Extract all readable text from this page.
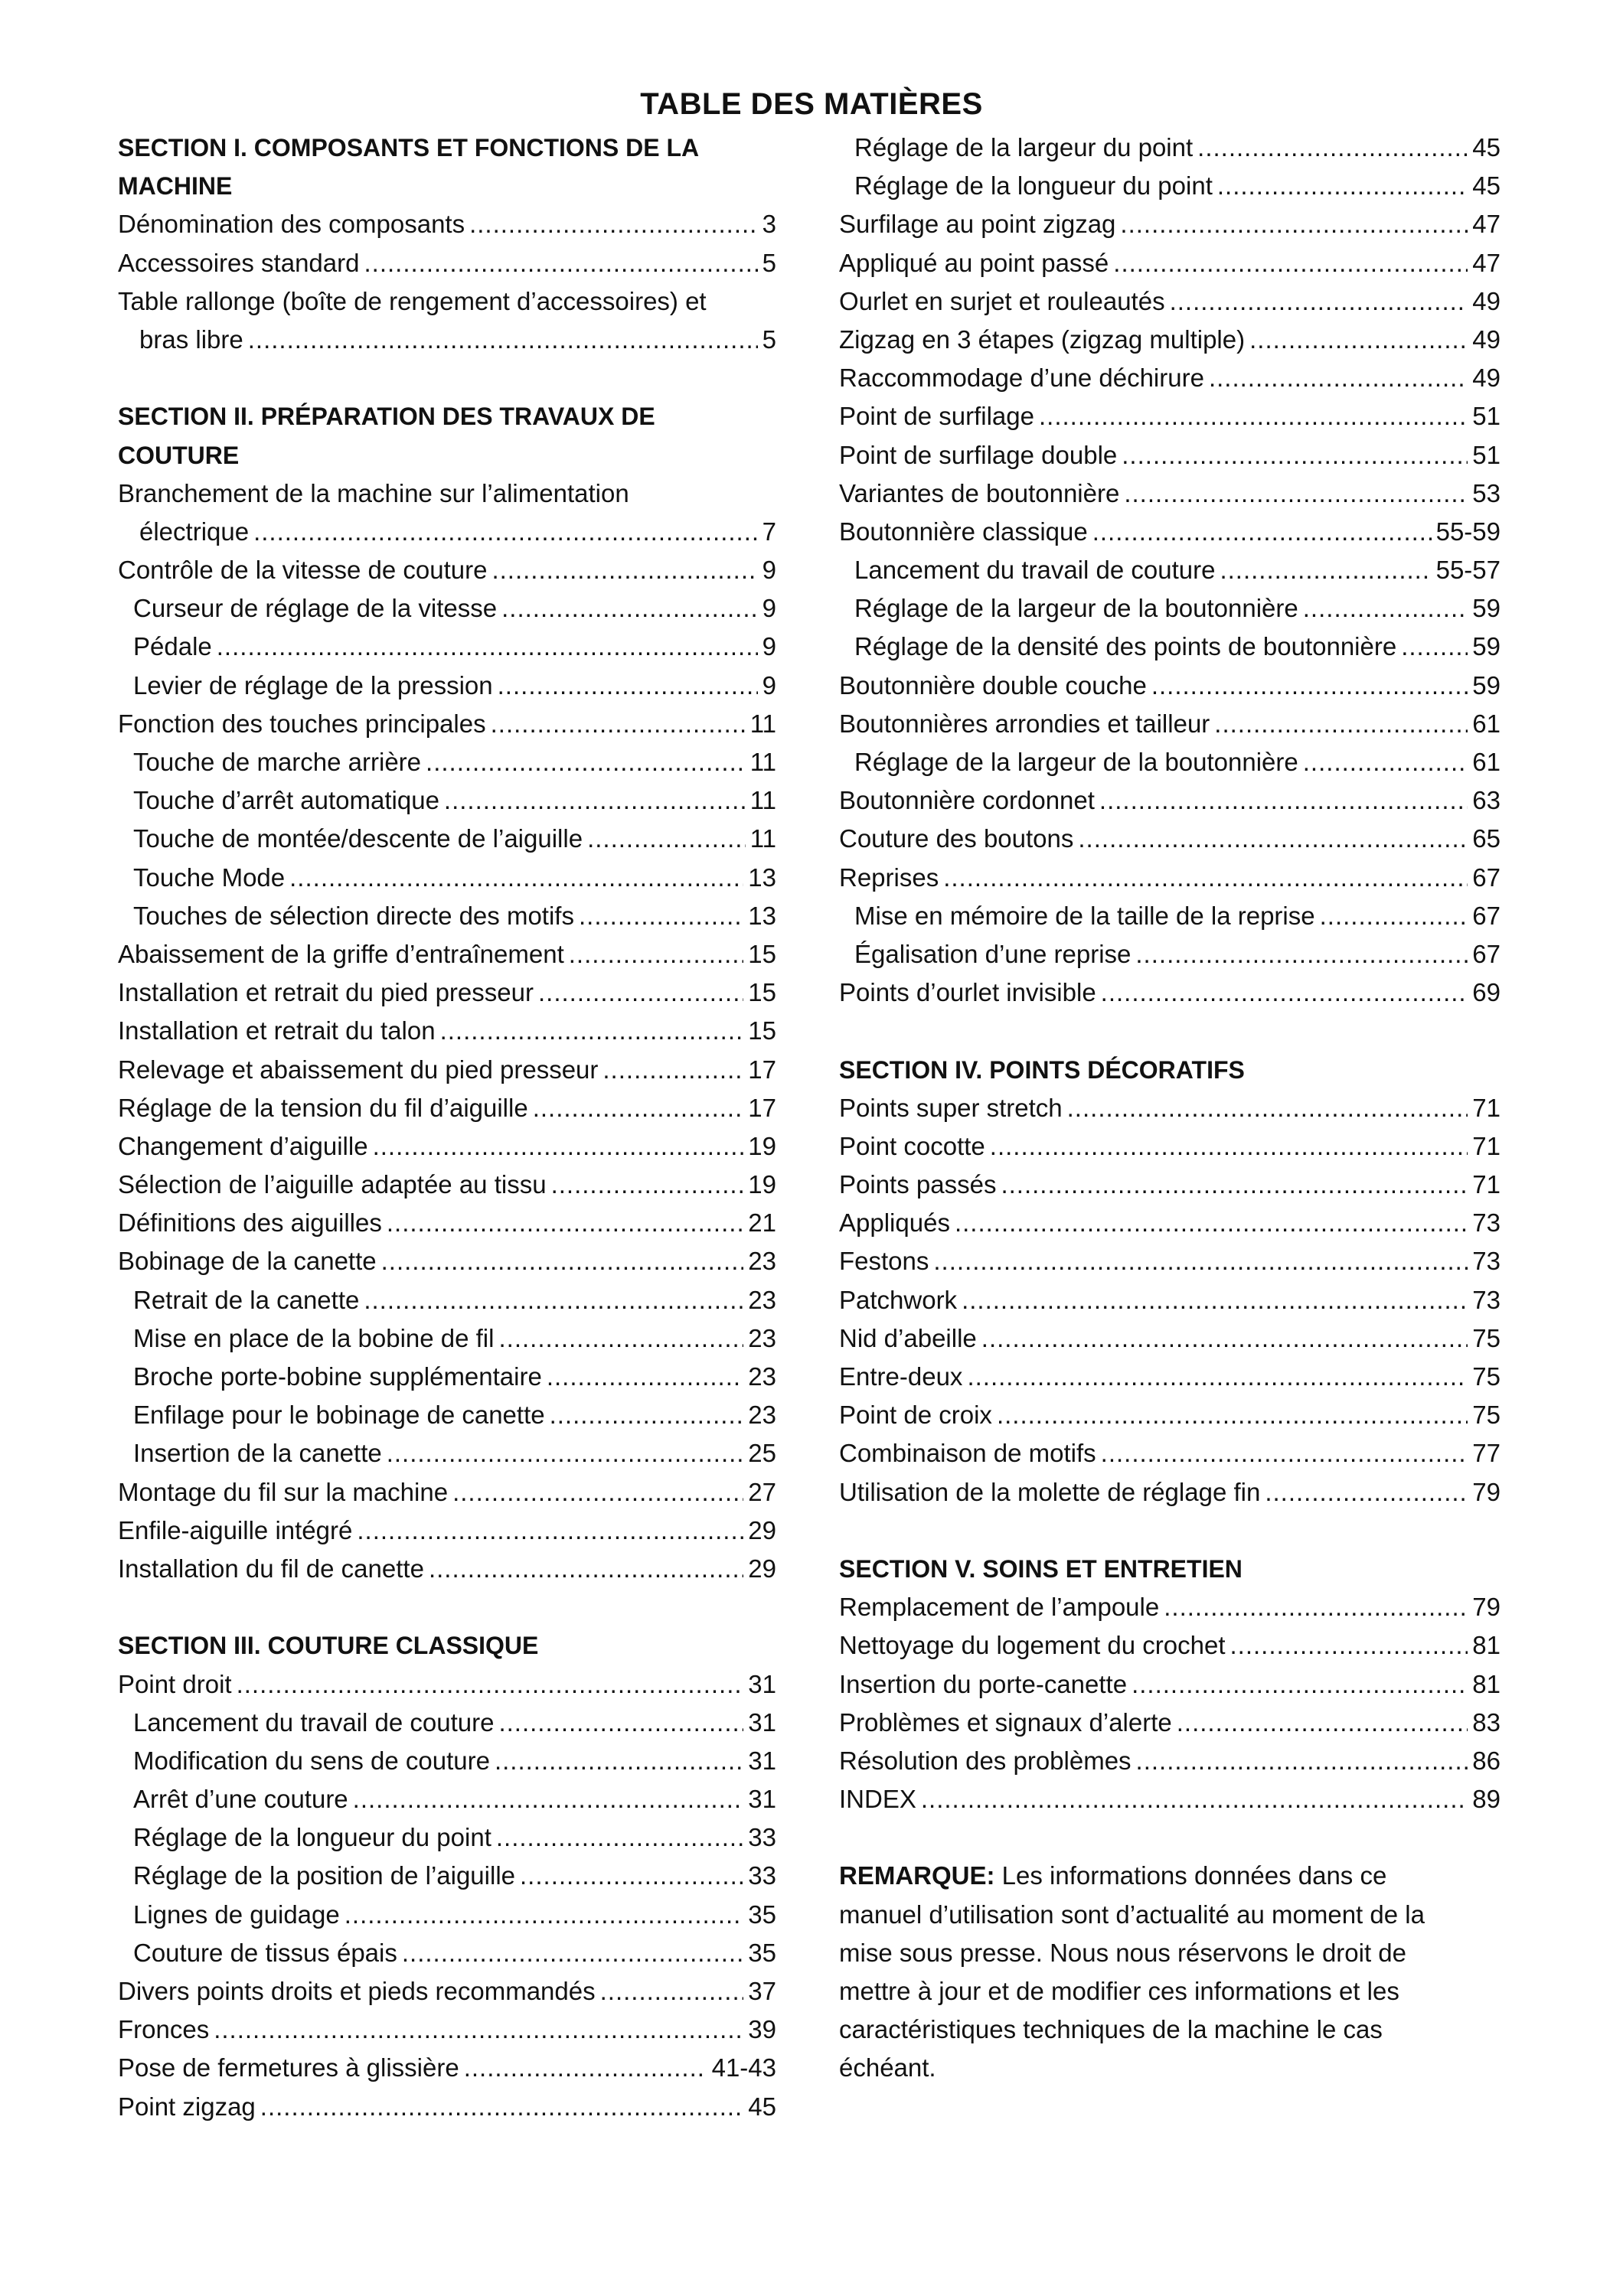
TABLE DES MATIÈRES
SECTION I. COMPOSANTS ET FONCTIONS DE LA
MACHINE
Dénomination des composants .....	3
Accessoires standard .....	5
Table rallonge (boîte de rengement d’accessoires) et
bras libre .....	5
SECTION II. PRÉPARATION DES TRAVAUX DE
COUTURE
Branchement de la machine sur l’alimentation
électrique .....	7
Contrôle de la vitesse de couture .....	9
Curseur de réglage de la vitesse .....	9
Pédale .....	9
Levier de réglage de la pression .....	9
Fonction des touches principales .....	11
Touche de marche arrière .....	11
Touche d’arrêt automatique .....	11
Touche de montée/descente de l’aiguille .....	11
Touche Mode .....	13
Touches de sélection directe des motifs .....	13
Abaissement de la griffe d’entraînement .....	15
Installation et retrait du pied presseur .....	15
Installation et retrait du talon .....	15
Relevage et abaissement du pied presseur .....	17
Réglage de la tension du fil d’aiguille .....	17
Changement d’aiguille .....	19
Sélection de l’aiguille adaptée au tissu .....	19
Définitions des aiguilles .....	21
Bobinage de la canette .....	23
Retrait de la canette .....	23
Mise en place de la bobine de fil .....	23
Broche porte-bobine supplémentaire .....	23
Enfilage pour le bobinage de canette .....	23
Insertion de la canette .....	25
Montage du fil sur la machine .....	27
Enfile-aiguille intégré .....	29
Installation du fil de canette .....	29
SECTION III. COUTURE CLASSIQUE
Point droit .....	31
Lancement du travail de couture .....	31
Modification du sens de couture .....	31
Arrêt d’une couture .....	31
Réglage de la longueur du point .....	33
Réglage de la position de l’aiguille .....	33
Lignes de guidage .....	35
Couture de tissus épais .....	35
Divers points droits et pieds recommandés .....	37
Fronces .....	39
Pose de fermetures à glissière .....	41-43
Point zigzag .....	45
Réglage de la largeur du point .....	45
Réglage de la longueur du point .....	45
Surfilage au point zigzag .....	47
Appliqué au point passé .....	47
Ourlet en surjet et rouleautés .....	49
Zigzag en 3 étapes (zigzag multiple) .....	49
Raccommodage d’une déchirure .....	49
Point de surfilage .....	51
Point de surfilage double .....	51
Variantes de boutonnière .....	53
Boutonnière classique .....	55-59
Lancement du travail de couture .....	55-57
Réglage de la largeur de la boutonnière .....	59
Réglage de la densité des points de boutonnière .....	59
Boutonnière double couche .....	59
Boutonnières arrondies et tailleur .....	61
Réglage de la largeur de la boutonnière .....	61
Boutonnière cordonnet .....	63
Couture des boutons .....	65
Reprises .....	67
Mise en mémoire de la taille de la reprise .....	67
Égalisation d’une reprise .....	67
Points d’ourlet invisible .....	69
SECTION IV. POINTS DÉCORATIFS
Points super stretch .....	71
Point cocotte .....	71
Points passés .....	71
Appliqués .....	73
Festons .....	73
Patchwork .....	73
Nid d’abeille .....	75
Entre-deux .....	75
Point de croix .....	75
Combinaison de motifs .....	77
Utilisation de la molette de réglage fin .....	79
SECTION V. SOINS ET ENTRETIEN
Remplacement de l’ampoule .....	79
Nettoyage du logement du crochet .....	81
Insertion du porte-canette .....	81
Problèmes et signaux d’alerte .....	83
Résolution des problèmes .....	86
INDEX .....	89
REMARQUE: Les informations données dans ce
manuel d’utilisation sont d’actualité au moment de la
mise sous presse. Nous nous réservons le droit de
mettre à jour et de modifier ces informations et les
caractéristiques techniques de la machine le cas
échéant.
